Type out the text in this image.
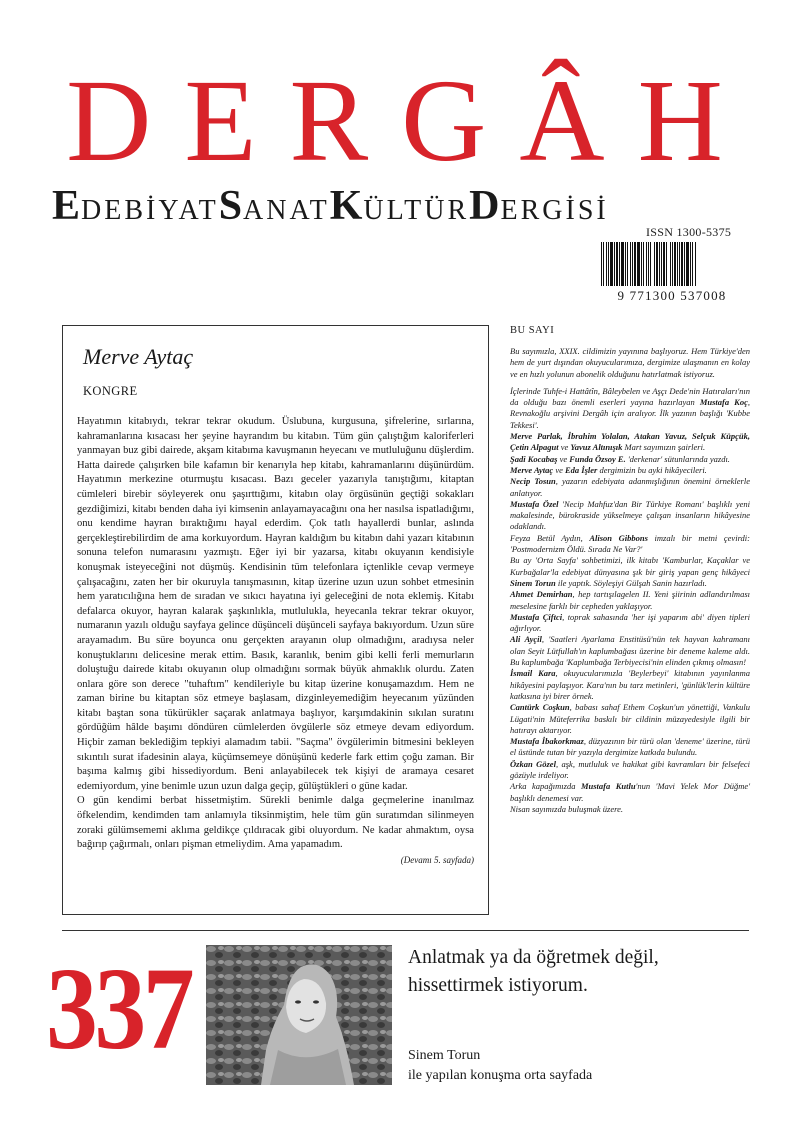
DERGÂH
EDEBİYATSANATKÜLTÜRDERGİSİ
ISSN 1300-5375
9 771300 537008
Merve Aytaç
KONGRE

Hayatımın kitabıydı, tekrar tekrar okudum. Üslubuna, kurgusuna, şifrelerine, sırlarına, kahramanlarına kısacası her şeyine hayrandım bu kitabın. Tüm gün çalıştığım kaloriferleri yanmayan buz gibi dairede, akşam kitabıma kavuşmanın heyecanı ve mutluluğunu düşlerdim. Hatta dairede çalışırken bile kafamın bir kenarıyla hep kitabı, kahramanlarını düşünürdüm. Hayatımın merkezine oturmuştu kısacası. Bazı geceler yazarıyla tanıştığımı, kitaptan cümleleri birebir söyleyerek onu şaşırttığımı, kitabın olay örgüsünün geçtiği sokakları gezdiğimizi, kitabı benden daha iyi kimsenin anlayamayacağını ona her nasılsa ispatladığımı, onu kendime hayran bıraktığımı hayal ederdim. Çok tatlı hayallerdi bunlar, aslında gerçekleştirebilirdim de ama korkuyordum. Hayran kaldığım bu kitabın dahi yazarı kitabının sonuna telefon numarasını yazmıştı. Eğer iyi bir yazarsa, kitabı okuyanın kendisiyle konuşmak isteyeceğini not düşmüş. Kendisinin tüm telefonlara içtenlikle cevap vermeye çalışacağını, zaten her bir okuruyla tanışmasının, kitap üzerine uzun uzun sohbet etmesinin hem yaratıcılığına hem de sıradan ve sıkıcı hayatına iyi geleceğini de nota eklemiş. Kitabı defalarca okuyor, hayran kalarak şaşkınlıkla, mutlulukla, heyecanla tekrar tekrar okuyor, numaranın yazılı olduğu sayfaya gelince düşünceli düşünceli sayfaya bakıyordum. Uzun süre arayamadım. Bu süre boyunca onu gerçekten arayanın olup olmadığını, aradıysa neler konuştuklarını delicesine merak ettim. Basık, karanlık, benim gibi kelli ferli memurların doluştuğu dairede kitabı okuyanın olup olmadığını sormak büyük ahmaklık olurdu. Zaten onlara göre son derece "tuhaftım" kendileriyle bu kitap üzerine konuşamazdım. Hem ne zaman birine bu kitaptan söz etmeye başlasam, dizginleyemediğim heyecanım yüzünden kitabı baştan sona tükürükler saçarak anlatmaya başlıyor, karşımdakinin sıkılan suratını gördüğüm hâlde başımı döndüren cümlelerden övgülerle söz etmeye devam ediyordum. Hiçbir zaman beklediğim tepkiyi alamadım tabii. "Saçma" övgülerimin bitmesini bekleyen sıkıntılı surat ifadesinin alaya, küçümsemeye dönüşünü kederle fark ettim çoğu zaman. Bir başıma kalmış gibi hissediyordum. Beni anlayabilecek tek kişiyi de aramaya cesaret edemiyordum, yine benimle uzun uzun dalga geçip, gülüştükleri o güne kadar.

O gün kendimi berbat hissetmiştim. Sürekli benimle dalga geçmelerine inanılmaz öfkelendim, kendimden tam anlamıyla tiksinmiştim, hele tüm gün suratımdan silinmeyen zoraki gülümsememi aklıma geldikçe çıldıracak gibi oluyordum. Ne kadar ahmaktım, oysa bağırıp çağırmalı, onları pişman etmeliydim. Ama yapamadım.

(Devamı 5. sayfada)
BU SAYI

Bu sayımızla, XXIX. cildimizin yayınına başlıyoruz. Hem Türkiye'den hem de yurt dışından okuyucularımıza, dergimize ulaşmanın en kolay ve en hızlı yolunun abonelik olduğunu hatırlatmak istiyoruz.

İçlerinde Tuhfe-i Hattâtîn, Bâleybelen ve Aşçı Dede'nin Hatıraları'nın da olduğu bazı önemli eserleri yayına hazırlayan Mustafa Koç, Revnakoğlu arşivini Dergâh için aralıyor. İlk yazının başlığı 'Kubbe Tekkesi'.

Merve Parlak, İbrahim Yolalan, Atakan Yavuz, Selçuk Küpçük, Çetin Alpagut ve Yavuz Altınışık Mart sayımızın şairleri.

Şadi Kocabaş ve Funda Özsoy E. 'derkenar' sütunlarında yazdı.

Merve Aytaç ve Eda İşler dergimizin bu ayki hikâyecileri.

Necip Tosun, yazarın edebiyata adanmışlığının önemini örneklerle anlatıyor.

Mustafa Özel 'Necip Mahfuz'dan Bir Türkiye Romanı' başlıklı yeni makalesinde, bürokraside yükselmeye çalışan insanların hikâyesine odaklandı.

Feyza Betül Aydın, Alison Gibbons imzalı bir metni çevirdi: 'Postmodernizm Öldü. Sırada Ne Var?'

Bu ay 'Orta Sayfa' sohbetimizi, ilk kitabı 'Kamburlar, Kaçaklar ve Kurbağalar'la edebiyat dünyasına şık bir giriş yapan genç hikâyeci Sinem Torun ile yaptık. Söyleşiyi Gülşah Sanin hazırladı.

Ahmet Demirhan, hep tartışılagelen II. Yeni şiirinin adlandırılması meselesine farklı bir cepheden yaklaşıyor.

Mustafa Çiftci, toprak sahasında 'her işi yaparım abi' diyen tipleri ağırlıyor.

Ali Ayçil, 'Saatleri Ayarlama Enstitüsü'nün tek hayvan kahramanı olan Seyit Lütfullah'ın kaplumbağası üzerine bir deneme kaleme aldı. Bu kaplumbağa 'Kaplumbağa Terbiyecisi'nin elinden çıkmış olmasın!

İsmail Kara, okuyucularımızla 'Beylerbeyi' kitabının yayınlanma hikâyesini paylaşıyor. Kara'nın bu tarz metinleri, 'günlük'lerin kültüre katkısına iyi birer örnek.

Cantürk Coşkun, babası sahaf Ethem Coşkun'un yönettiği, Vankulu Lügati'nin Müteferrika baskılı bir cildinin müzayedesiyle ilgili bir hatırayı aktarıyor.

Mustafa İbakorkmaz, düzyazının bir türü olan 'deneme' üzerine, türü el üstünde tutan bir yazıyla dergimize katkıda bulundu.

Özkan Gözel, aşk, mutluluk ve hakikat gibi kavramları bir felsefeci gözüyle irdeliyor.

Arka kapağımızda Mustafa Kutlu'nun 'Mavi Yelek Mor Düğme' başlıklı denemesi var.

Nisan sayımızda buluşmak üzere.

337	Anlatmak ya da öğretmek değil,
hissettirmek istiyorum.
Sinem Torun
ile yapılan konuşma orta sayfada
